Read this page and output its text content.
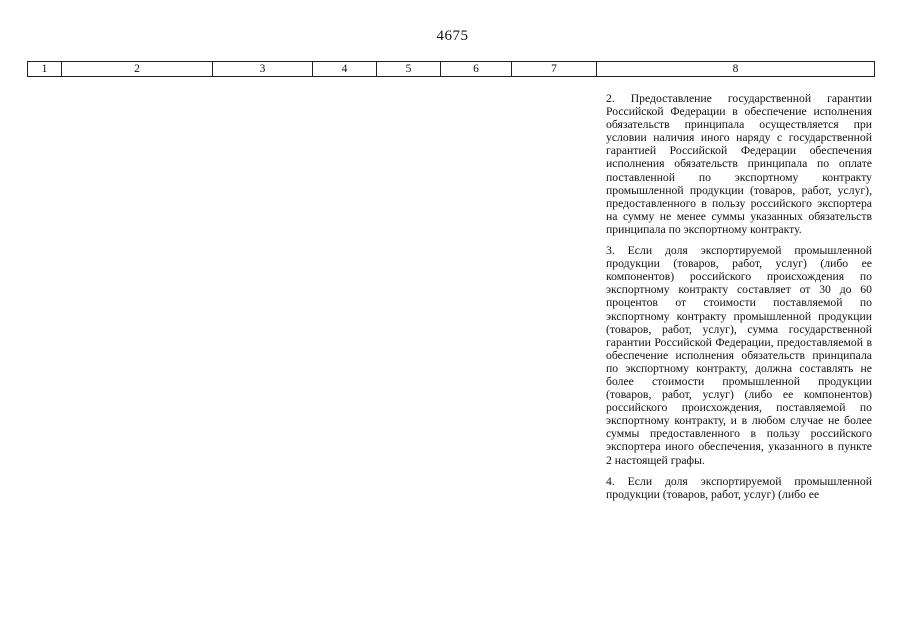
4675
1	2	3	4	5	6	7	8

2. Предоставление государственной гарантии Российской Федерации в обеспечение исполнения обязательств принципала осуществляется при условии наличия иного наряду с государственной гарантией Российской Федерации обеспечения исполнения обязательств принципала по оплате поставленной по экспортному контракту промышленной продукции (товаров, работ, услуг), предоставленного в пользу российского экспортера на сумму не менее суммы указанных обязательств принципала по экспортному контракту.

3. Если доля экспортируемой промышленной продукции (товаров, работ, услуг) (либо ее компонентов) российского происхождения по экспортному контракту составляет от 30 до 60 процентов от стоимости поставляемой по экспортному контракту промышленной продукции (товаров, работ, услуг), сумма государственной гарантии Российской Федерации, предоставляемой в обеспечение исполнения обязательств принципала по экспортному контракту, должна составлять не более стоимости промышленной продукции (товаров, работ, услуг) (либо ее компонентов) российского происхождения, поставляемой по экспортному контракту, и в любом случае не более суммы предоставленного в пользу российского экспортера иного обеспечения, указанного в пункте 2 настоящей графы.

4. Если доля экспортируемой промышленной продукции (товаров, работ, услуг) (либо ее
